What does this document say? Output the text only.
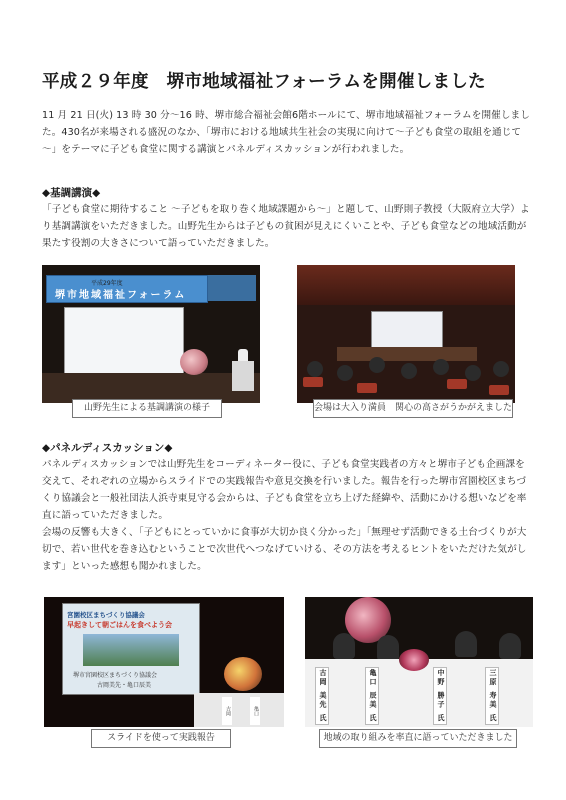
平成２９年度　堺市地域福祉フォーラムを開催しました
11 月 21 日(火) 13 時 30 分～16 時、堺市総合福祉会館6階ホールにて、堺市地域福祉フォーラムを開催しました。430名が来場される盛況のなか、「堺市における地域共生社会の実現に向けて～子ども食堂の取組を通じて～」をテーマに子ども食堂に関する講演とパネルディスカッションが行われました。
◆基調講演◆
「子ども食堂に期待すること ～子どもを取り巻く地域課題から～」と題して、山野則子教授（大阪府立大学）より基調講演をいただきました。山野先生からは子どもの貧困が見えにくいことや、子ども食堂などの地域活動が果たす役割の大きさについて語っていただきました。
平成29年度
堺市地域福祉フォーラム
山野先生による基調講演の様子	会場は大入り満員　関心の高さがうかがえました
◆パネルディスカッション◆
パネルディスカッションでは山野先生をコーディネーター役に、子ども食堂実践者の方々と堺市子ども企画課を交えて、それぞれの立場からスライドでの実践報告や意見交換を行いました。報告を行った堺市宮園校区まちづくり協議会と一般社団法人浜寺東見守る会からは、子ども食堂を立ち上げた経緯や、活動にかける想いなどを率直に語っていただきました。
会場の反響も大きく、「子どもにとっていかに食事が大切か良く分かった」「無理せず活動できる土台づくりが大切で、若い世代を巻き込むということで次世代へつなげていける、その方法を考えるヒントをいただけた気がします」といった感想も聞かれました。
宮園校区まちづくり協議会
早起きして朝ごはんを食べよう会
堺市宮園校区まちづくり協議会
古岡美先・亀口辰美
古岡	亀口
スライドを使って実践報告
古岡 美先 氏	亀口 辰美 氏	中野 勝子 氏	三原 寿美 氏
地域の取り組みを率直に語っていただきました
